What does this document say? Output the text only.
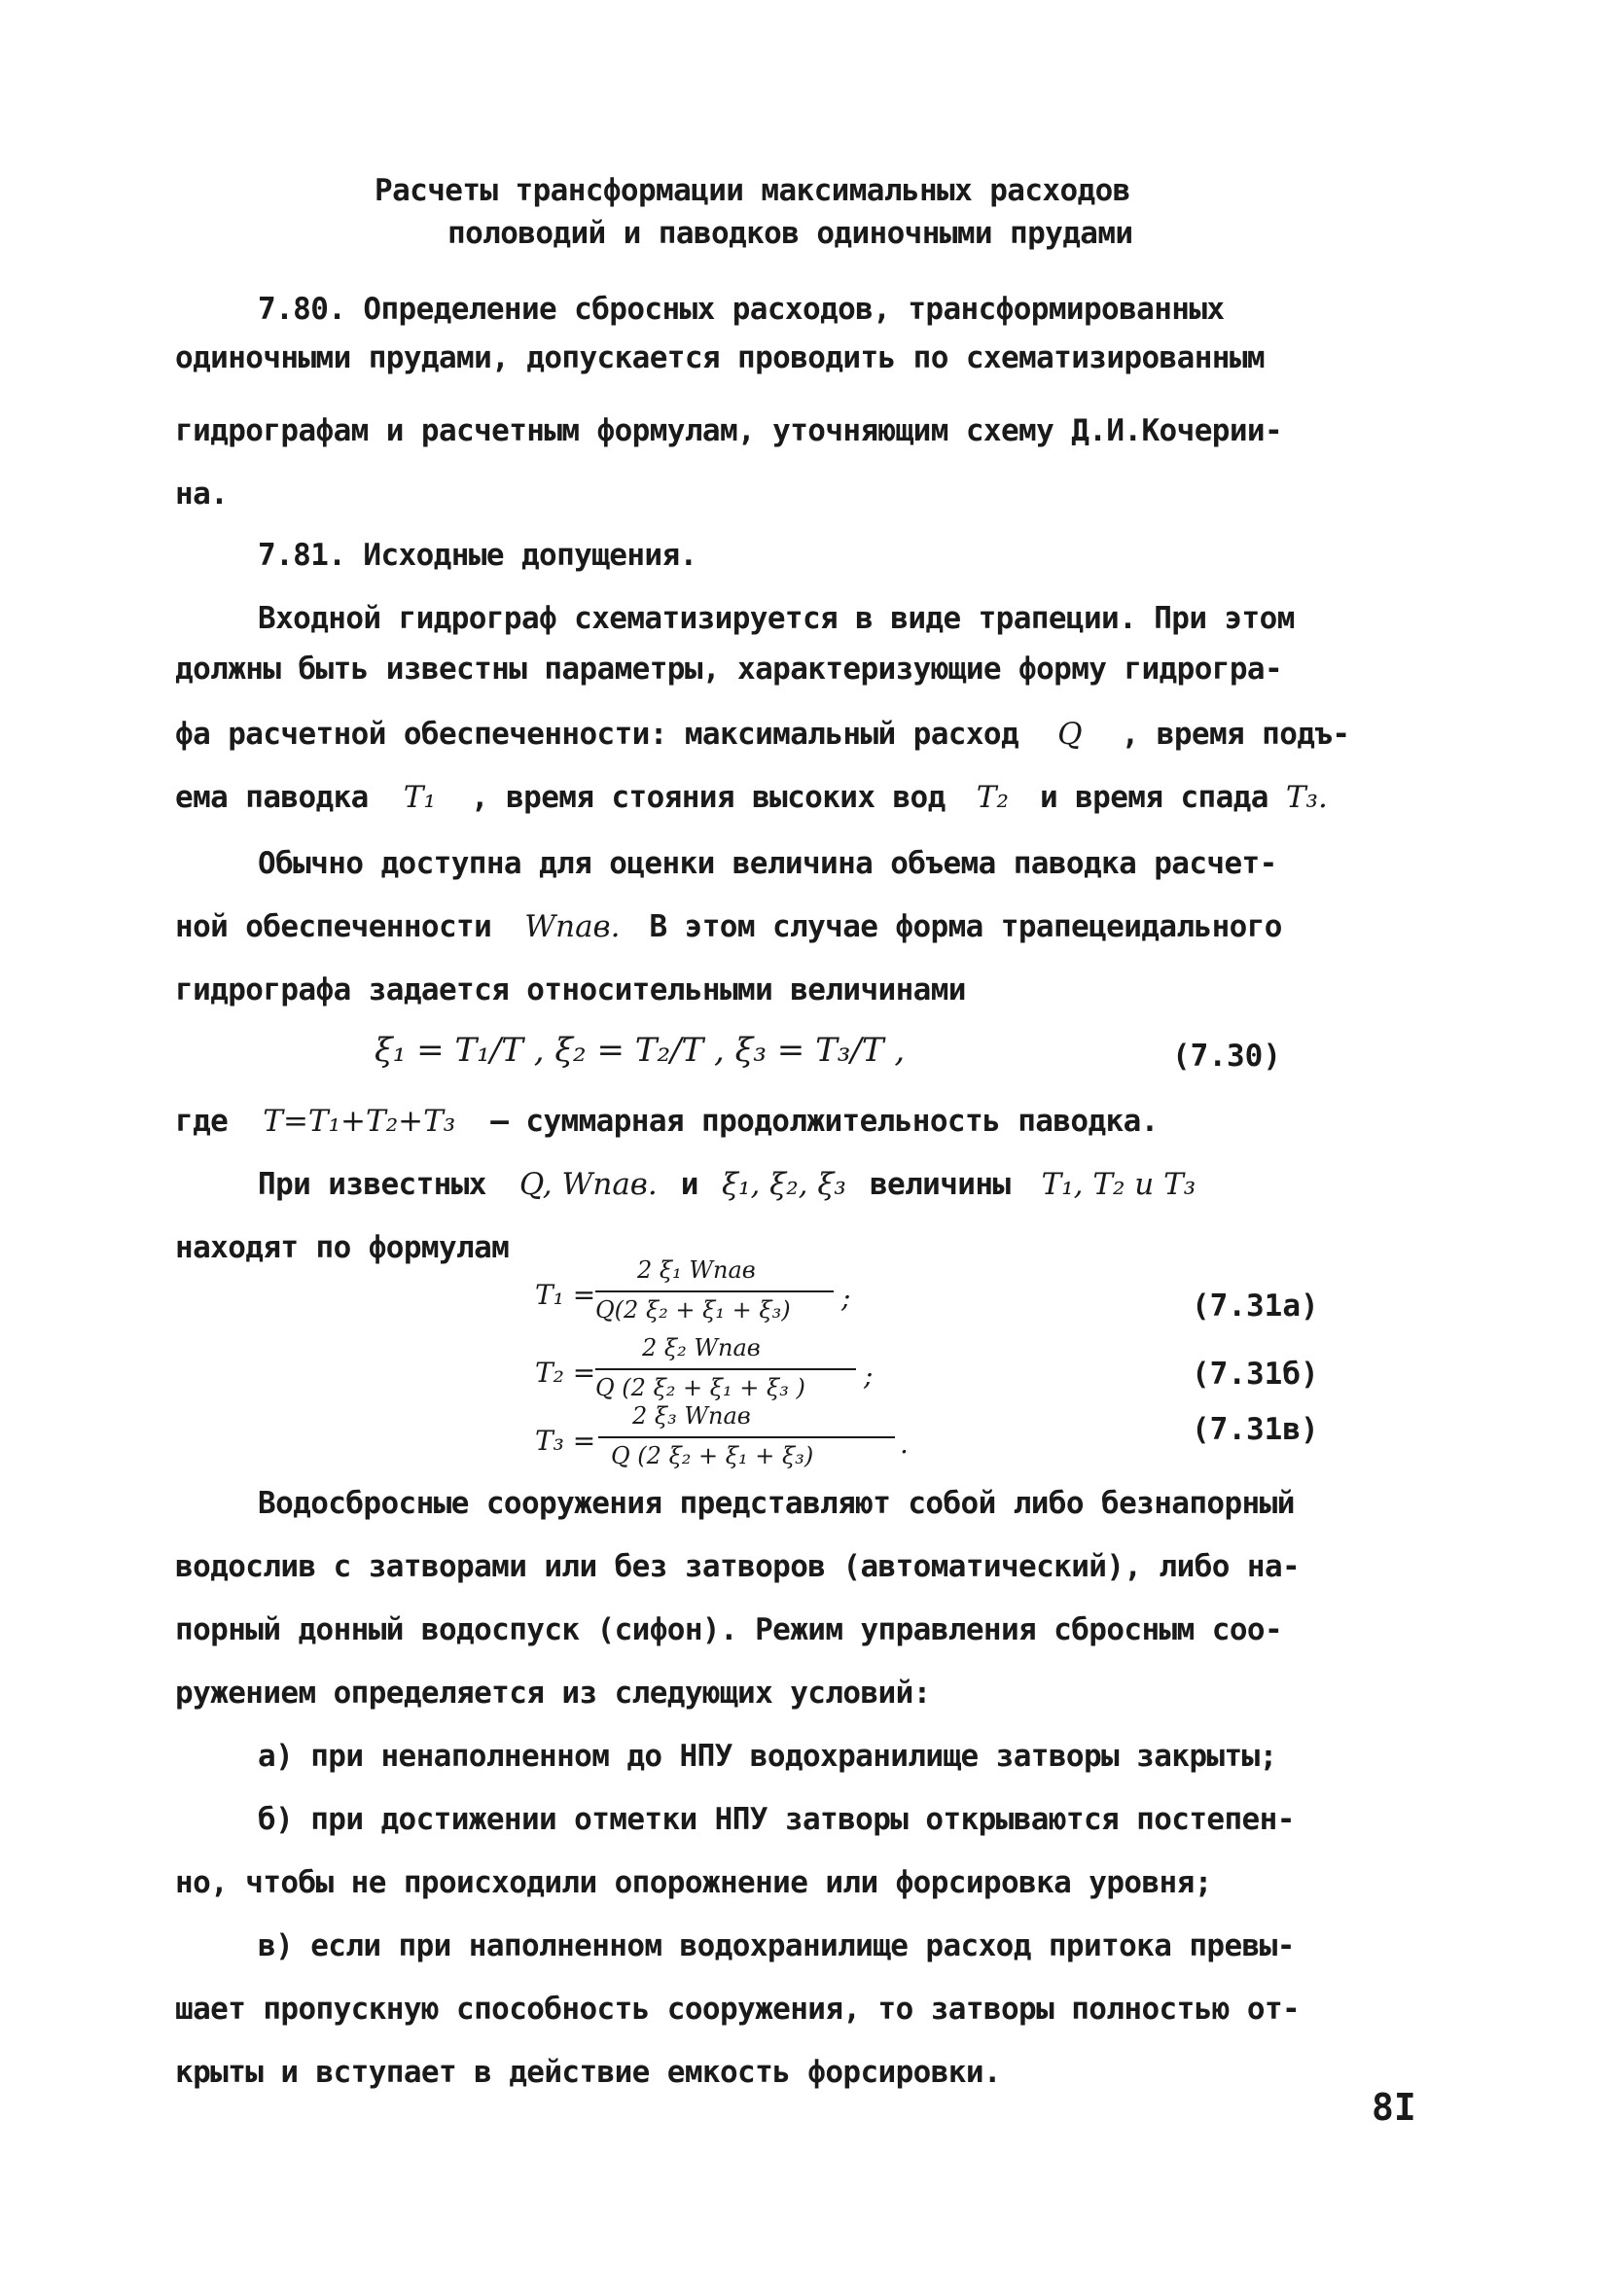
Расчеты трансформации максимальных расходов
половодий и паводков одиночными прудами
7.80. Определение сбросных расходов, трансформированных
одиночными прудами, допускается проводить по схематизированным
гидрографам и расчетным формулам, уточняющим схему Д.И.Кочерии-
на.
7.81. Исходные допущения.
Входной гидрограф схематизируется в виде трапеции. При этом
должны быть известны параметры, характеризующие форму гидрогра-
фа расчетной обеспеченности: максимальный расход Q , время подъ-
ема паводка T₁ , время стояния высоких вод T₂ и время спада T₃.
Обычно доступна для оценки величина объема паводка расчет-
ной обеспеченности Wпав. В этом случае форма трапецеидального
гидрографа задается относительными величинами
ξ₁ = T₁/T , ξ₂ = T₂/T , ξ₃ = T₃/T ,	(7.30)
где T=T₁+T₂+T₃ – суммарная продолжительность паводка.
При известных Q, Wпав. и ξ₁, ξ₂, ξ₃ величины T₁, T₂ и T₃
находят по формулам
T₁ =
2 ξ₁ Wпав
Q(2 ξ₂ + ξ₁ + ξ₃) ;	(7.31а)
T₂ =
2 ξ₂ Wпав
Q (2 ξ₂ + ξ₁ + ξ₃ ) ;	(7.31б)
T₃ =
2 ξ₃ Wпав
Q (2 ξ₂ + ξ₁ + ξ₃)	.	(7.31в)
Водосбросные сооружения представляют собой либо безнапорный
водослив с затворами или без затворов (автоматический), либо на-
порный донный водоспуск (сифон). Режим управления сбросным соо-
ружением определяется из следующих условий:
а) при ненаполненном до НПУ водохранилище затворы закрыты;
б) при достижении отметки НПУ затворы открываются постепен-
но, чтобы не происходили опорожнение или форсировка уровня;
в) если при наполненном водохранилище расход притока превы-
шает пропускную способность сооружения, то затворы полностью от-
крыты и вступает в действие емкость форсировки.
8I
